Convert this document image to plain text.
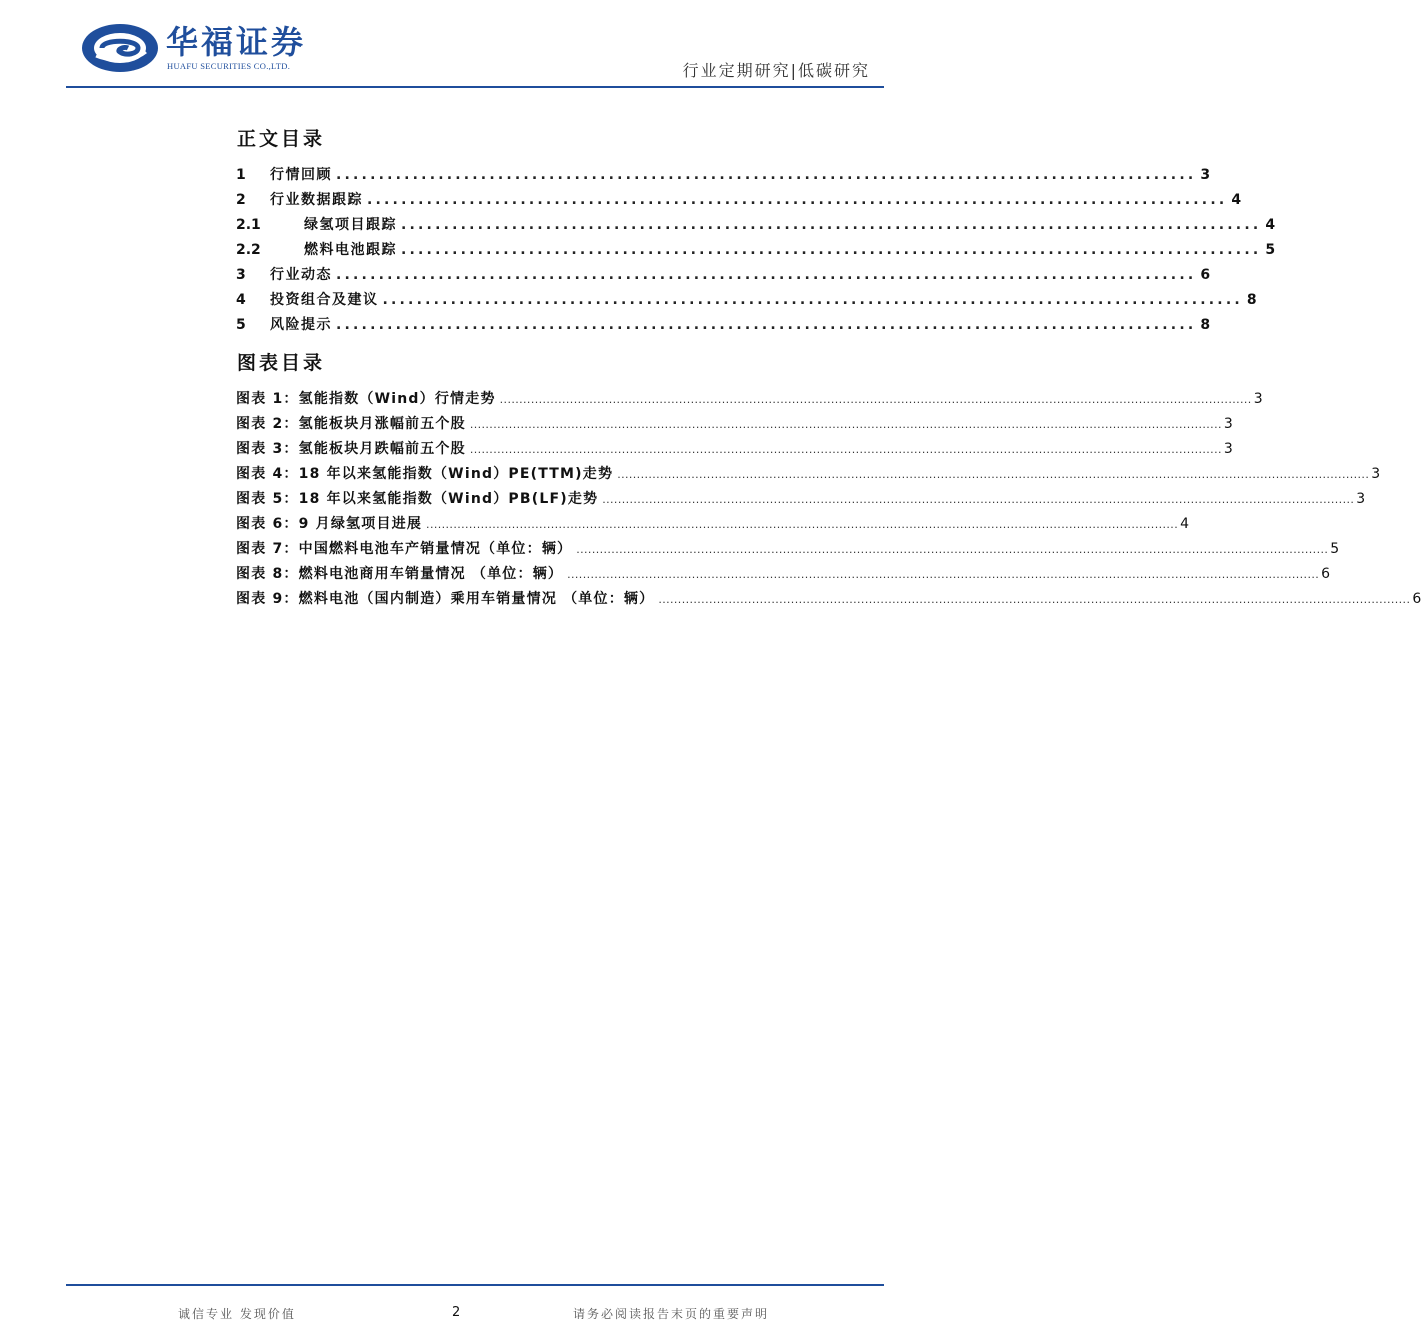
华福证券
HUAFU SECURITIES CO.,LTD.	行业定期研究|低碳研究
正文目录
1	行情回顾 ..................................................................................................... 3
2	行业数据跟踪 ..................................................................................................... 4
2.1	绿氢项目跟踪 ..................................................................................................... 4
2.2	燃料电池跟踪 ..................................................................................................... 5
3	行业动态 ..................................................................................................... 6
4	投资组合及建议 ..................................................................................................... 8
5	风险提示 ..................................................................................................... 8
图表目录
图表 1： 氢能指数（Wind）行情走势 ................................................................................................................................................................................................. 3
图表 2： 氢能板块月涨幅前五个股 ................................................................................................................................................................................................. 3
图表 3： 氢能板块月跌幅前五个股 ................................................................................................................................................................................................. 3
图表 4： 18 年以来氢能指数（Wind）PE(TTM)走势 ................................................................................................................................................................................................. 3
图表 5： 18 年以来氢能指数（Wind）PB(LF)走势 ................................................................................................................................................................................................. 3
图表 6： 9 月绿氢项目进展 ................................................................................................................................................................................................. 4
图表 7： 中国燃料电池车产销量情况（单位：辆） ................................................................................................................................................................................................. 5
图表 8： 燃料电池商用车销量情况 （单位：辆） ................................................................................................................................................................................................. 6
图表 9： 燃料电池（国内制造）乘用车销量情况 （单位：辆） ................................................................................................................................................................................................. 6
诚信专业 发现价值	2	请务必阅读报告末页的重要声明
